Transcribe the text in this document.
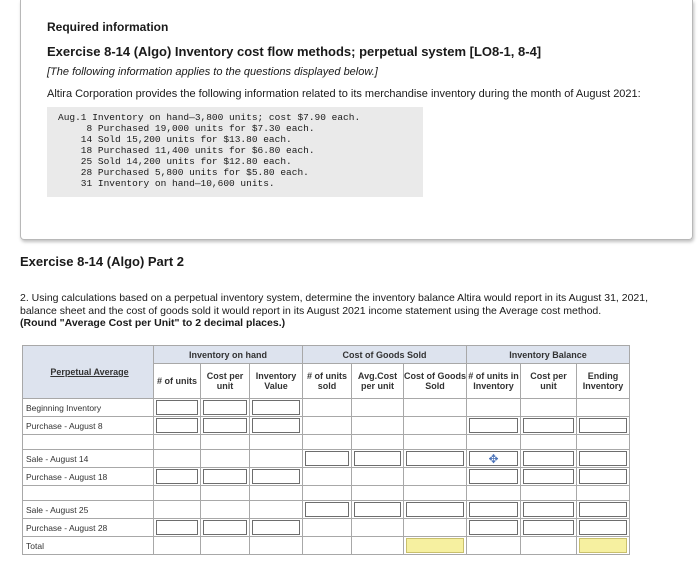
Required information

Exercise 8-14 (Algo) Inventory cost flow methods; perpetual system [LO8-1, 8-4]

[The following information applies to the questions displayed below.]

Altira Corporation provides the following information related to its merchandise inventory during the month of August 2021:

Aug.1 Inventory on hand—3,800 units; cost $7.90 each.
8 Purchased 19,000 units for $7.30 each.
14 Sold 15,200 units for $13.80 each.
18 Purchased 11,400 units for $6.80 each.
25 Sold 14,200 units for $12.80 each.
28 Purchased 5,800 units for $5.80 each.
31 Inventory on hand—10,600 units.

Exercise 8-14 (Algo) Part 2

2. Using calculations based on a perpetual inventory system, determine the inventory balance Altira would report in its August 31, 2021, balance sheet and the cost of goods sold it would report in its August 2021 income statement using the Average cost method.
(Round "Average Cost per Unit" to 2 decimal places.)

Perpetual Average	Inventory on hand			Cost of Goods Sold			Inventory Balance		
	# of units	Cost per unit	Inventory Value	# of units sold	Avg.Cost per unit	Cost of Goods Sold	# of units in Inventory	Cost per unit	Ending Inventory
Beginning Inventory	

Purchase - August 8	

Sale - August 14							✥		

Purchase - August 18	

Sale - August 25				

Purchase - August 28	

Total						
